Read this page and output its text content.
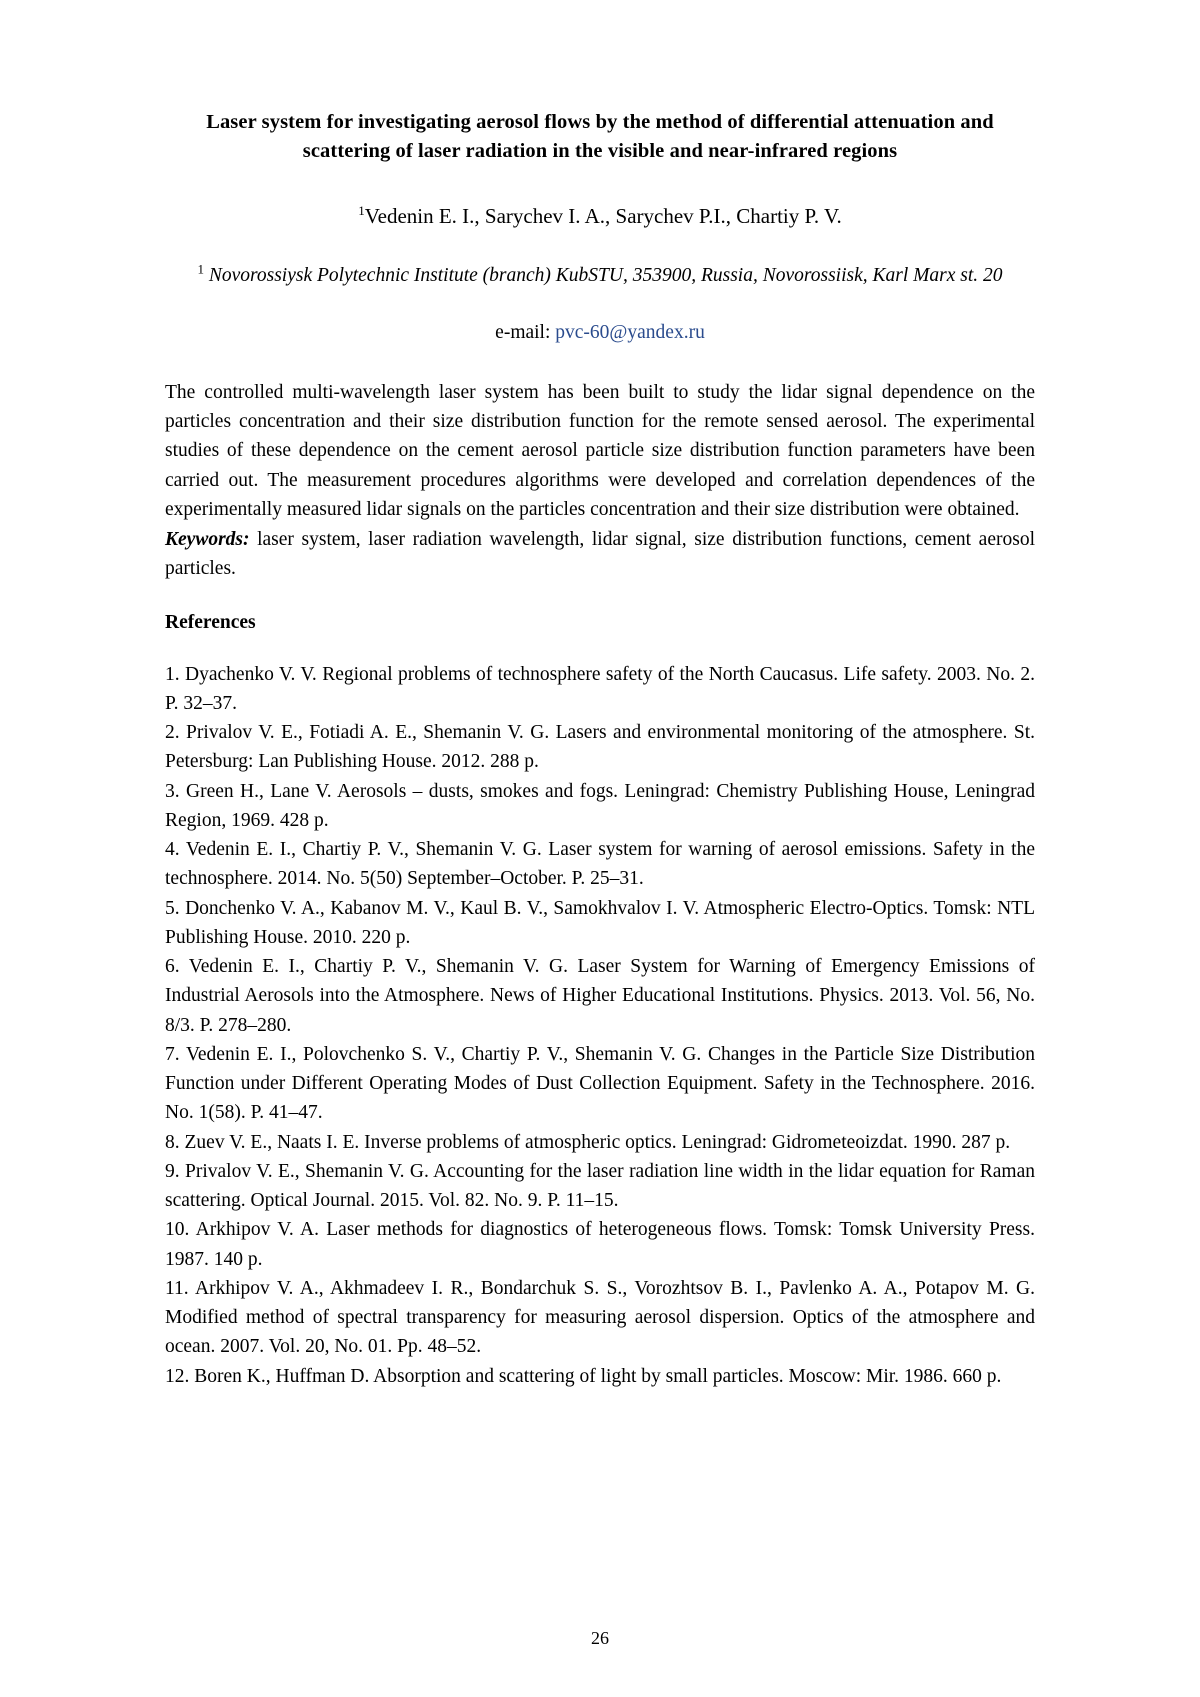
Laser system for investigating aerosol flows by the method of differential attenuation and scattering of laser radiation in the visible and near-infrared regions
$^1$Vedenin E. I., Sarychev I. A., Sarychev P.I., Chartiy P. V.
$^1$ Novorossiysk Polytechnic Institute (branch) KubSTU, 353900, Russia, Novorossiisk, Karl Marx st. 20
e-mail: pvc-60@yandex.ru
The controlled multi-wavelength laser system has been built to study the lidar signal dependence on the particles concentration and their size distribution function for the remote sensed aerosol. The experimental studies of these dependence on the cement aerosol particle size distribution function parameters have been carried out. The measurement procedures algorithms were developed and correlation dependences of the experimentally measured lidar signals on the particles concentration and their size distribution were obtained.
Keywords: laser system, laser radiation wavelength, lidar signal, size distribution functions, cement aerosol particles.
References
1. Dyachenko V. V. Regional problems of technosphere safety of the North Caucasus. Life safety. 2003. No. 2. P. 32–37.
2. Privalov V. E., Fotiadi A. E., Shemanin V. G. Lasers and environmental monitoring of the atmosphere. St. Petersburg: Lan Publishing House. 2012. 288 p.
3. Green H., Lane V. Aerosols – dusts, smokes and fogs. Leningrad: Chemistry Publishing House, Leningrad Region, 1969. 428 p.
4. Vedenin E. I., Chartiy P. V., Shemanin V. G. Laser system for warning of aerosol emissions. Safety in the technosphere. 2014. No. 5(50) September–October. P. 25–31.
5. Donchenko V. A., Kabanov M. V., Kaul B. V., Samokhvalov I. V. Atmospheric Electro-Optics. Tomsk: NTL Publishing House. 2010. 220 p.
6. Vedenin E. I., Chartiy P. V., Shemanin V. G. Laser System for Warning of Emergency Emissions of Industrial Aerosols into the Atmosphere. News of Higher Educational Institutions. Physics. 2013. Vol. 56, No. 8/3. P. 278–280.
7. Vedenin E. I., Polovchenko S. V., Chartiy P. V., Shemanin V. G. Changes in the Particle Size Distribution Function under Different Operating Modes of Dust Collection Equipment. Safety in the Technosphere. 2016. No. 1(58). P. 41–47.
8. Zuev V. E., Naats I. E. Inverse problems of atmospheric optics. Leningrad: Gidrometeoizdat. 1990. 287 p.
9. Privalov V. E., Shemanin V. G. Accounting for the laser radiation line width in the lidar equation for Raman scattering. Optical Journal. 2015. Vol. 82. No. 9. P. 11–15.
10. Arkhipov V. A. Laser methods for diagnostics of heterogeneous flows. Tomsk: Tomsk University Press. 1987. 140 p.
11. Arkhipov V. A., Akhmadeev I. R., Bondarchuk S. S., Vorozhtsov B. I., Pavlenko A. A., Potapov M. G. Modified method of spectral transparency for measuring aerosol dispersion. Optics of the atmosphere and ocean. 2007. Vol. 20, No. 01. Pp. 48–52.
12. Boren K., Huffman D. Absorption and scattering of light by small particles. Moscow: Mir. 1986. 660 p.
26
